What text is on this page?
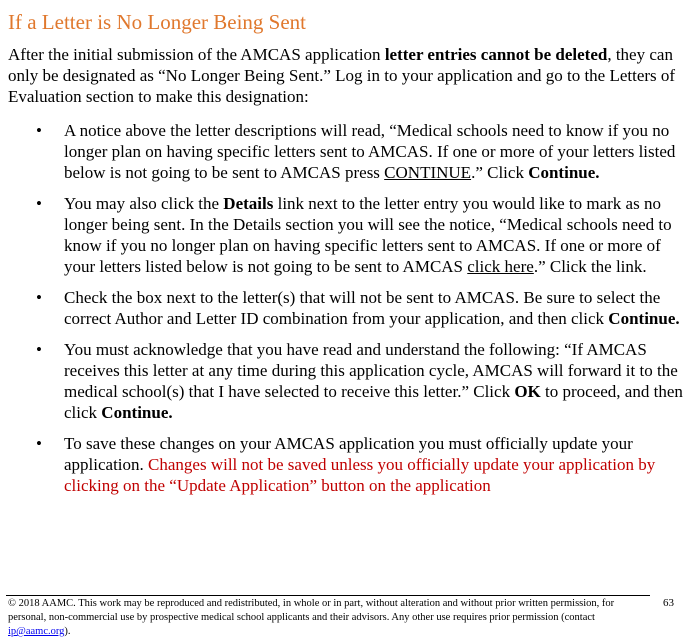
If a Letter is No Longer Being Sent

After the initial submission of the AMCAS application letter entries cannot be deleted, they can only be designated as “No Longer Being Sent.” Log in to your application and go to the Letters of Evaluation section to make this designation:

• A notice above the letter descriptions will read, “Medical schools need to know if you no longer plan on having specific letters sent to AMCAS. If one or more of your letters listed below is not going to be sent to AMCAS press CONTINUE.” Click Continue.
• You may also click the Details link next to the letter entry you would like to mark as no longer being sent. In the Details section you will see the notice, “Medical schools need to know if you no longer plan on having specific letters sent to AMCAS. If one or more of your letters listed below is not going to be sent to AMCAS click here.” Click the link.
• Check the box next to the letter(s) that will not be sent to AMCAS. Be sure to select the correct Author and Letter ID combination from your application, and then click Continue.
• You must acknowledge that you have read and understand the following: “If AMCAS receives this letter at any time during this application cycle, AMCAS will forward it to the medical school(s) that I have selected to receive this letter.” Click OK to proceed, and then click Continue.
• To save these changes on your AMCAS application you must officially update your application. Changes will not be saved unless you officially update your application by clicking on the “Update Application” button on the application

© 2018 AAMC. This work may be reproduced and redistributed, in whole or in part, without alteration and without prior written permission, for personal, non-commercial use by prospective medical school applicants and their advisors. Any other use requires prior permission (contact ip@aamc.org).

63
